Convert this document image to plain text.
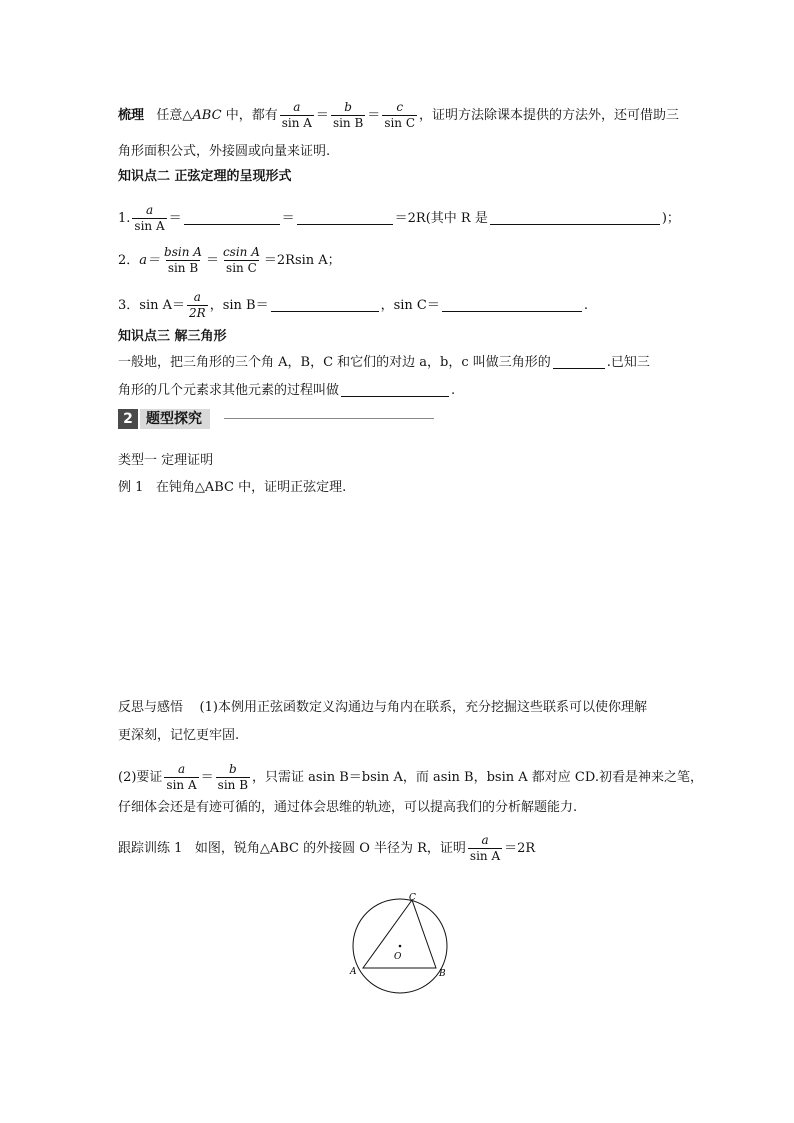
梳理 任意△ABC 中，都有 $\frac{a}{\text{sin A}} = \frac{b}{\text{sin B}} = \frac{c}{\text{sin C}}$ ，证明方法除课本提供的方法外，还可借助三
角形面积公式，外接圆或向量来证明.
知识点二 正弦定理的呈现形式
1. $\frac{a}{\text{sin A}}$ ＝	＝	＝2R(其中 R 是	)；
2．$a= \frac{\text{bsin A}}{\text{sin B}} = \frac{\text{csin A}}{\text{sin C}} =2Rsin$ A；
3．$\sin A= \frac{a}{2R}$ ，sin B＝	，sin C＝	.
知识点三 解三角形
一般地，把三角形的三个角 A，B，C 和它们的对边 a，b，c 叫做三角形的	.已知三
角形的几个元素求其他元素的过程叫做	.
2 题型探究
类型一 定理证明
例 1 在钝角△ABC 中，证明正弦定理.
反思与感悟 (1)本例用正弦函数定义沟通边与角内在联系，充分挖掘这些联系可以使你理解
更深刻，记忆更牢固.
(2)要证 $\frac{a}{\text{sin A}} = \frac{b}{\text{sin B}}$ ，只需证 asin B＝bsin A，而 asin B，bsin A 都对应 CD.初看是神来之笔，
仔细体会还是有迹可循的，通过体会思维的轨迹，可以提高我们的分析解题能力.
跟踪训练 1 如图，锐角△ABC 的外接圆 O 半径为 R，证明 $\frac{a}{\text{sin A}} =2R$
C
A	B
O
